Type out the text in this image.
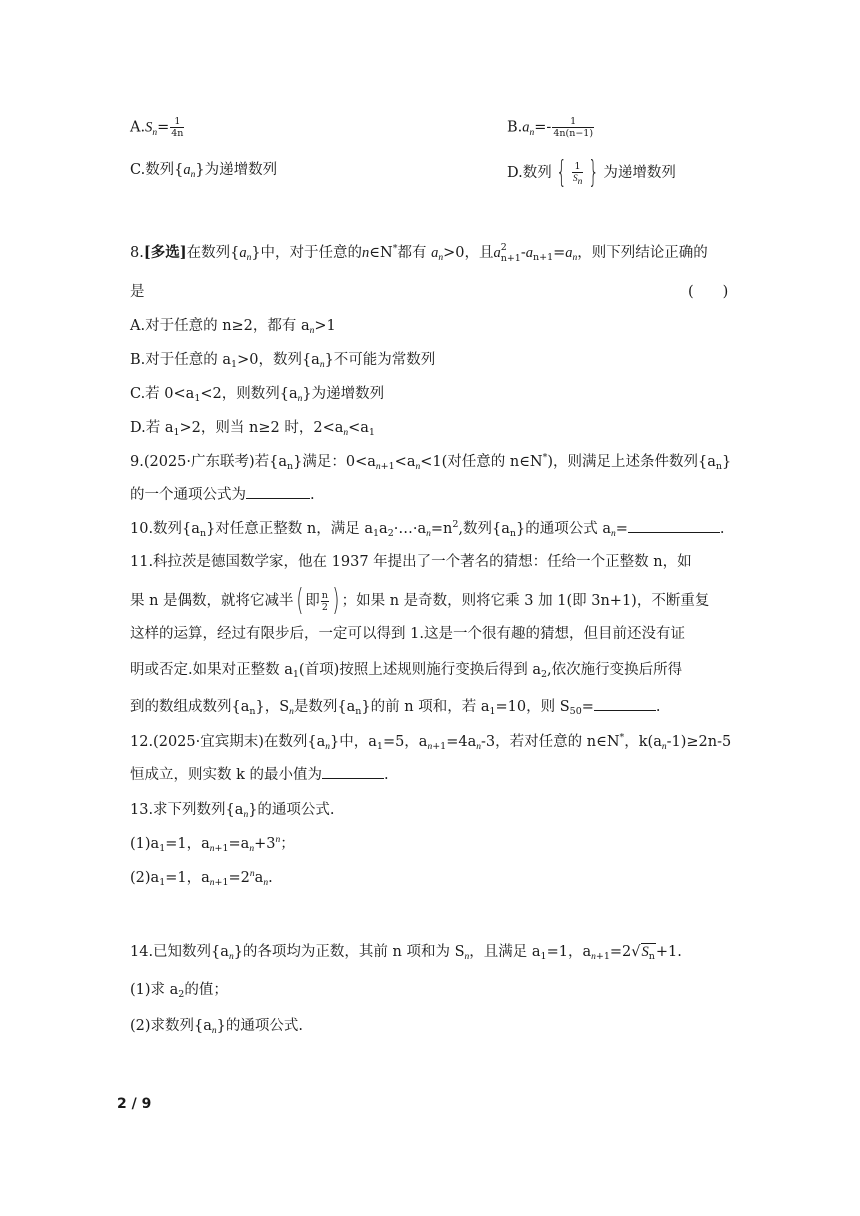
$A.S_n= \frac{1}{4n}$	$B.a_n=- \frac{1}{4n(n-1)}$
C.数列$\{a_n\}$为递增数列	D.数列 { $\frac{1}{S_n}$ } 为递增数列
8.[多选]在数列$\{a_n\}$中，对于任意的n∈N*都有 $a_n>0$，且a 2
n+1 $-a_{n+1}=a_n$，则下列结论正确的
是	(　　)
A.对于任意的 n≥2，都有 $a_n>1$
B.对于任意的 $a_1>0$，数列$\{a_n\}$不可能为常数列
C.若 $0<a_1<2$，则数列$\{a_n\}$为递增数列
D.若 $a_1>2$，则当 n≥2 时，$2<a_n<a_1$
9.(2025·广东联考)若$\{a_n\}$满足：$0<a_{n+1}<a_n<1$(对任意的 n∈N*)，则满足上述条件数列$\{a_n\}$
的一个通项公式为	.
10.数列$\{a_n\}$对任意正整数 n，满足 $a_1a_2\cdot\dots\cdot a_n=n^2$,数列$\{a_n\}$的通项公式 $a_n=$	.
11.科拉茨是德国数学家，他在 1937 年提出了一个著名的猜想：任给一个正整数 n，如
果 n 是偶数，就将它减半( 即 $\frac{n}{2}$ ) ；如果 n 是奇数，则将它乘 3 加 1(即 3n+1)，不断重复
这样的运算，经过有限步后，一定可以得到 1.这是一个很有趣的猜想，但目前还没有证
明或否定.如果对正整数 $a_1$(首项)按照上述规则施行变换后得到 $a_2$,依次施行变换后所得
到的数组成数列$\{a_n\}$，$S_n$是数列$\{a_n\}$的前 n 项和，若 $a_1=10$，则 $S_{50}=$	.
12.(2025·宜宾期末)在数列$\{a_n\}$中，$a_1=5$，$a_{n+1}=4a_n-3$，若对任意的 n∈N*，$k(a_n-1)\ge 2n-5$
恒成立，则实数 k 的最小值为	.
13.求下列数列$\{a_n\}$的通项公式.
$(1)a_1=1$，$a_{n+1}=a_n+3^n$；
$(2)a_1=1$，$a_{n+1}=2^na_n$.
14.已知数列$\{a_n\}$的各项均为正数，其前 n 项和为 $S_n$，且满足 $a_1=1$，$a_{n+1}=2√S_n+1$.
(1)求 $a_2$的值；
(2)求数列$\{a_n\}$的通项公式.
2 / 9
